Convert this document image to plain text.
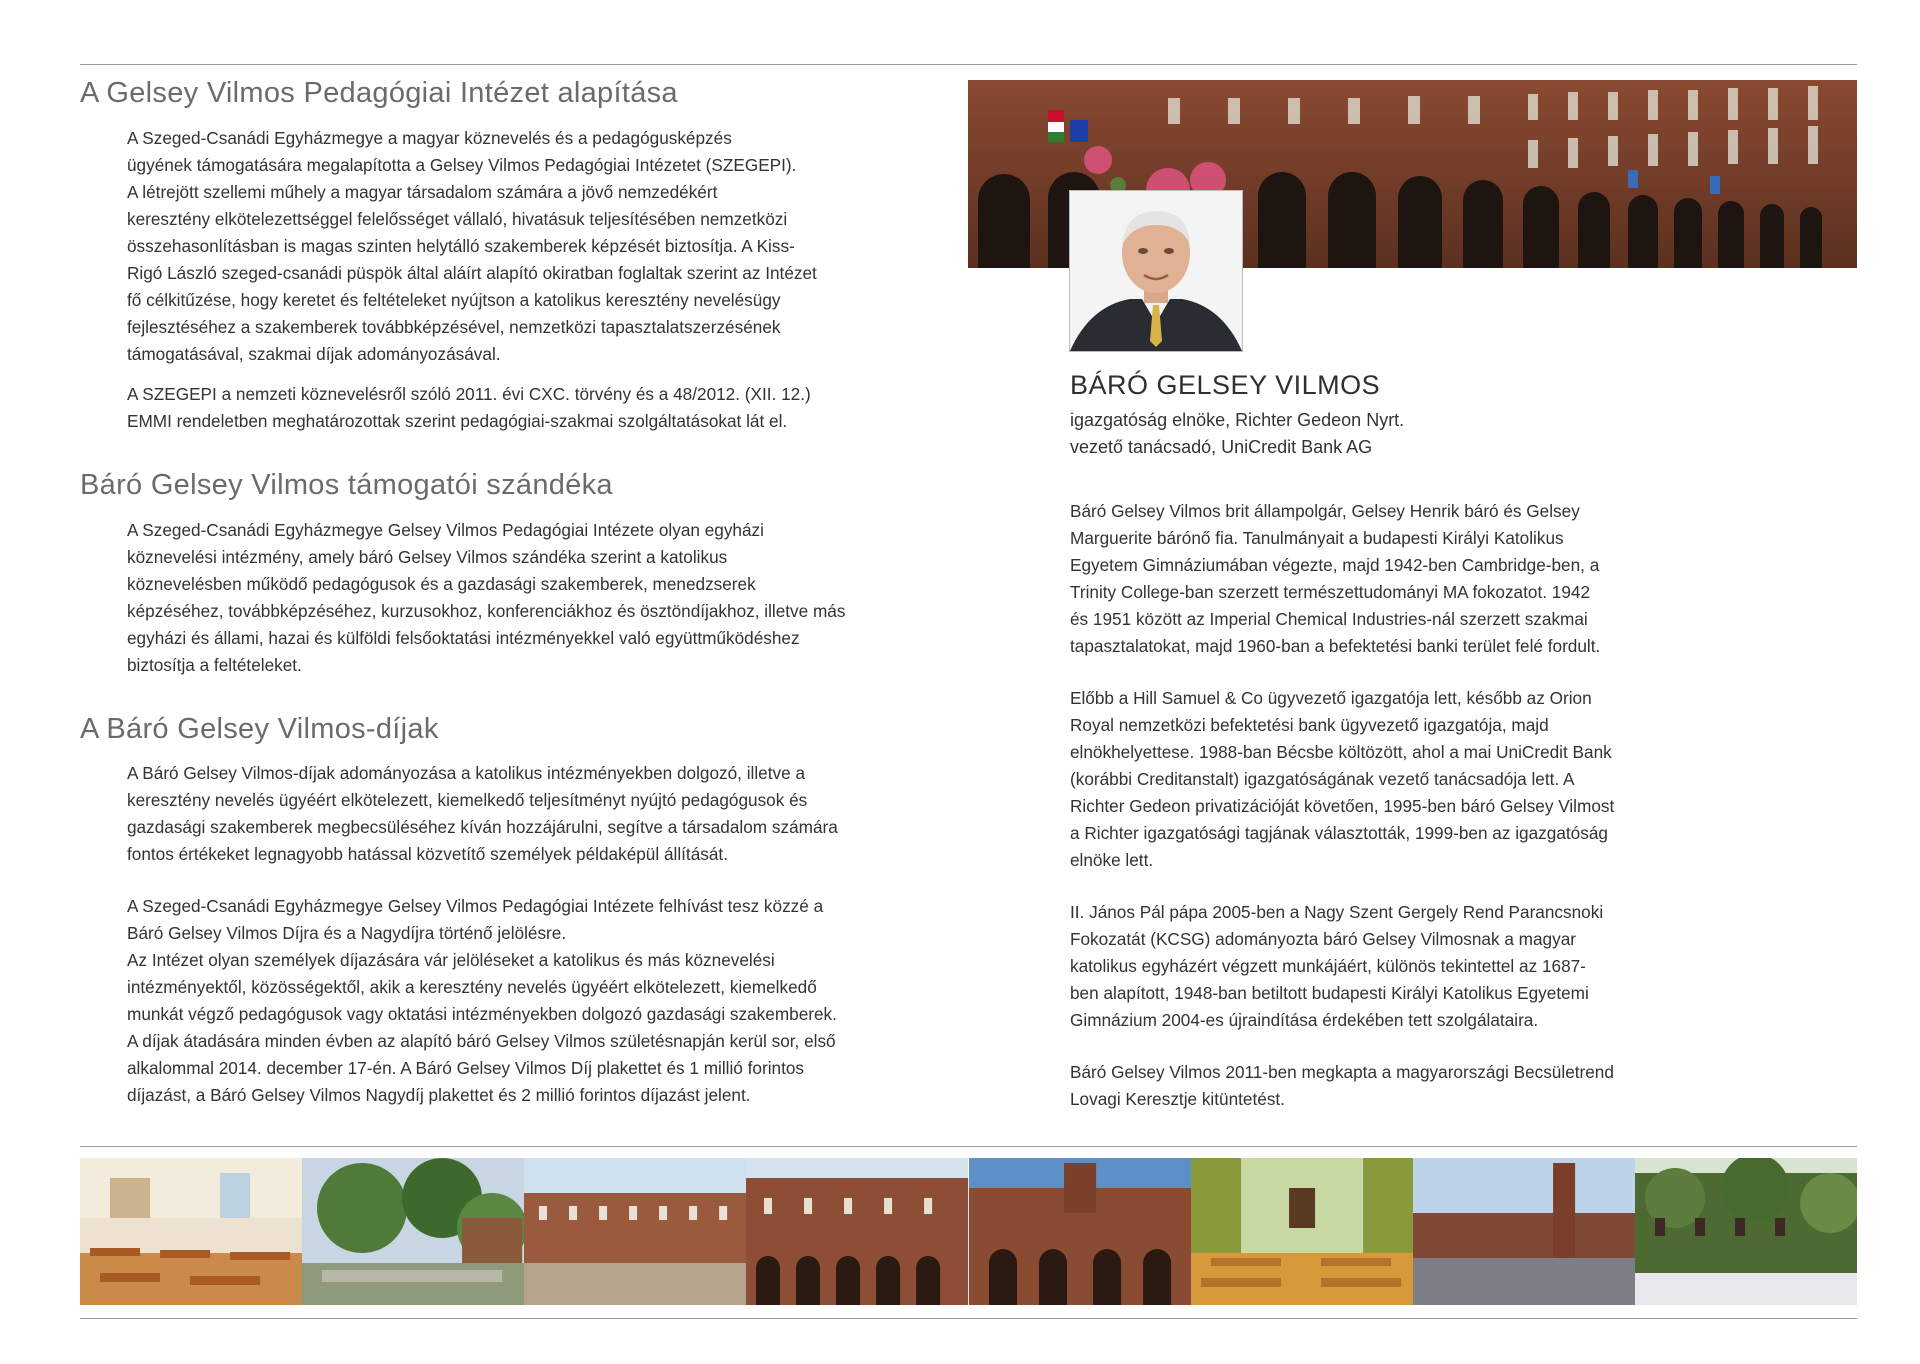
A Gelsey Vilmos Pedagógiai Intézet alapítása

A Szeged-Csanádi Egyházmegye a magyar köznevelés és a pedagógusképzés
ügyének támogatására megalapította a Gelsey Vilmos Pedagógiai Intézetet (SZEGEPI).
A létrejött szellemi műhely a magyar társadalom számára a jövő nemzedékért
keresztény elkötelezettséggel felelősséget vállaló, hivatásuk teljesítésében nemzetközi
összehasonlításban is magas szinten helytálló szakemberek képzését biztosítja. A Kiss-
Rigó László szeged-csanádi püspök által aláírt alapító okiratban foglaltak szerint az Intézet
fő célkitűzése, hogy keretet és feltételeket nyújtson a katolikus keresztény nevelésügy
fejlesztéséhez a szakemberek továbbképzésével, nemzetközi tapasztalatszerzésének
támogatásával, szakmai díjak adományozásával.

A SZEGEPI a nemzeti köznevelésről szóló 2011. évi CXC. törvény és a 48/2012. (XII. 12.)
EMMI rendeletben meghatározottak szerint pedagógiai-szakmai szolgáltatásokat lát el.

Báró Gelsey Vilmos támogatói szándéka

A Szeged-Csanádi Egyházmegye Gelsey Vilmos Pedagógiai Intézete olyan egyházi
köznevelési intézmény, amely báró Gelsey Vilmos szándéka szerint a katolikus
köznevelésben működő pedagógusok és a gazdasági szakemberek, menedzserek
képzéséhez, továbbképzéséhez, kurzusokhoz, konferenciákhoz és ösztöndíjakhoz, illetve más
egyházi és állami, hazai és külföldi felsőoktatási intézményekkel való együttműködéshez
biztosítja a feltételeket.

A Báró Gelsey Vilmos-díjak

A Báró Gelsey Vilmos-díjak adományozása a katolikus intézményekben dolgozó, illetve a
keresztény nevelés ügyéért elkötelezett, kiemelkedő teljesítményt nyújtó pedagógusok és
gazdasági szakemberek megbecsüléséhez kíván hozzájárulni, segítve a társadalom számára
fontos értékeket legnagyobb hatással közvetítő személyek példaképül állítását.

A Szeged-Csanádi Egyházmegye Gelsey Vilmos Pedagógiai Intézete felhívást tesz közzé a
Báró Gelsey Vilmos Díjra és a Nagydíjra történő jelölésre.
Az Intézet olyan személyek díjazására vár jelöléseket a katolikus és más köznevelési
intézményektől, közösségektől, akik a keresztény nevelés ügyéért elkötelezett, kiemelkedő
munkát végző pedagógusok vagy oktatási intézményekben dolgozó gazdasági szakemberek.
A díjak átadására minden évben az alapító báró Gelsey Vilmos születésnapján kerül sor, első
alkalommal 2014. december 17-én. A Báró Gelsey Vilmos Díj plakettet és 1 millió forintos
díjazást, a Báró Gelsey Vilmos Nagydíj plakettet és 2 millió forintos díjazást jelent.

BÁRÓ GELSEY VILMOS
igazgatóság elnöke, Richter Gedeon Nyrt.
vezető tanácsadó, UniCredit Bank AG

Báró Gelsey Vilmos brit állampolgár, Gelsey Henrik báró és Gelsey
Marguerite bárónő fia. Tanulmányait a budapesti Királyi Katolikus
Egyetem Gimnáziumában végezte, majd 1942-ben Cambridge-ben, a
Trinity College-ban szerzett természettudományi MA fokozatot. 1942
és 1951 között az Imperial Chemical Industries-nál szerzett szakmai
tapasztalatokat, majd 1960-ban a befektetési banki terület felé fordult.

Előbb a Hill Samuel & Co ügyvezető igazgatója lett, később az Orion
Royal nemzetközi befektetési bank ügyvezető igazgatója, majd
elnökhelyettese. 1988-ban Bécsbe költözött, ahol a mai UniCredit Bank
(korábbi Creditanstalt) igazgatóságának vezető tanácsadója lett. A
Richter Gedeon privatizációját követően, 1995-ben báró Gelsey Vilmost
a Richter igazgatósági tagjának választották, 1999-ben az igazgatóság
elnöke lett.

II. János Pál pápa 2005-ben a Nagy Szent Gergely Rend Parancsnoki
Fokozatát (KCSG) adományozta báró Gelsey Vilmosnak a magyar
katolikus egyházért végzett munkájáért, különös tekintettel az 1687-
ben alapított, 1948-ban betiltott budapesti Királyi Katolikus Egyetemi
Gimnázium 2004-es újraindítása érdekében tett szolgálataira.

Báró Gelsey Vilmos 2011-ben megkapta a magyarországi Becsületrend
Lovagi Keresztje kitüntetést.
